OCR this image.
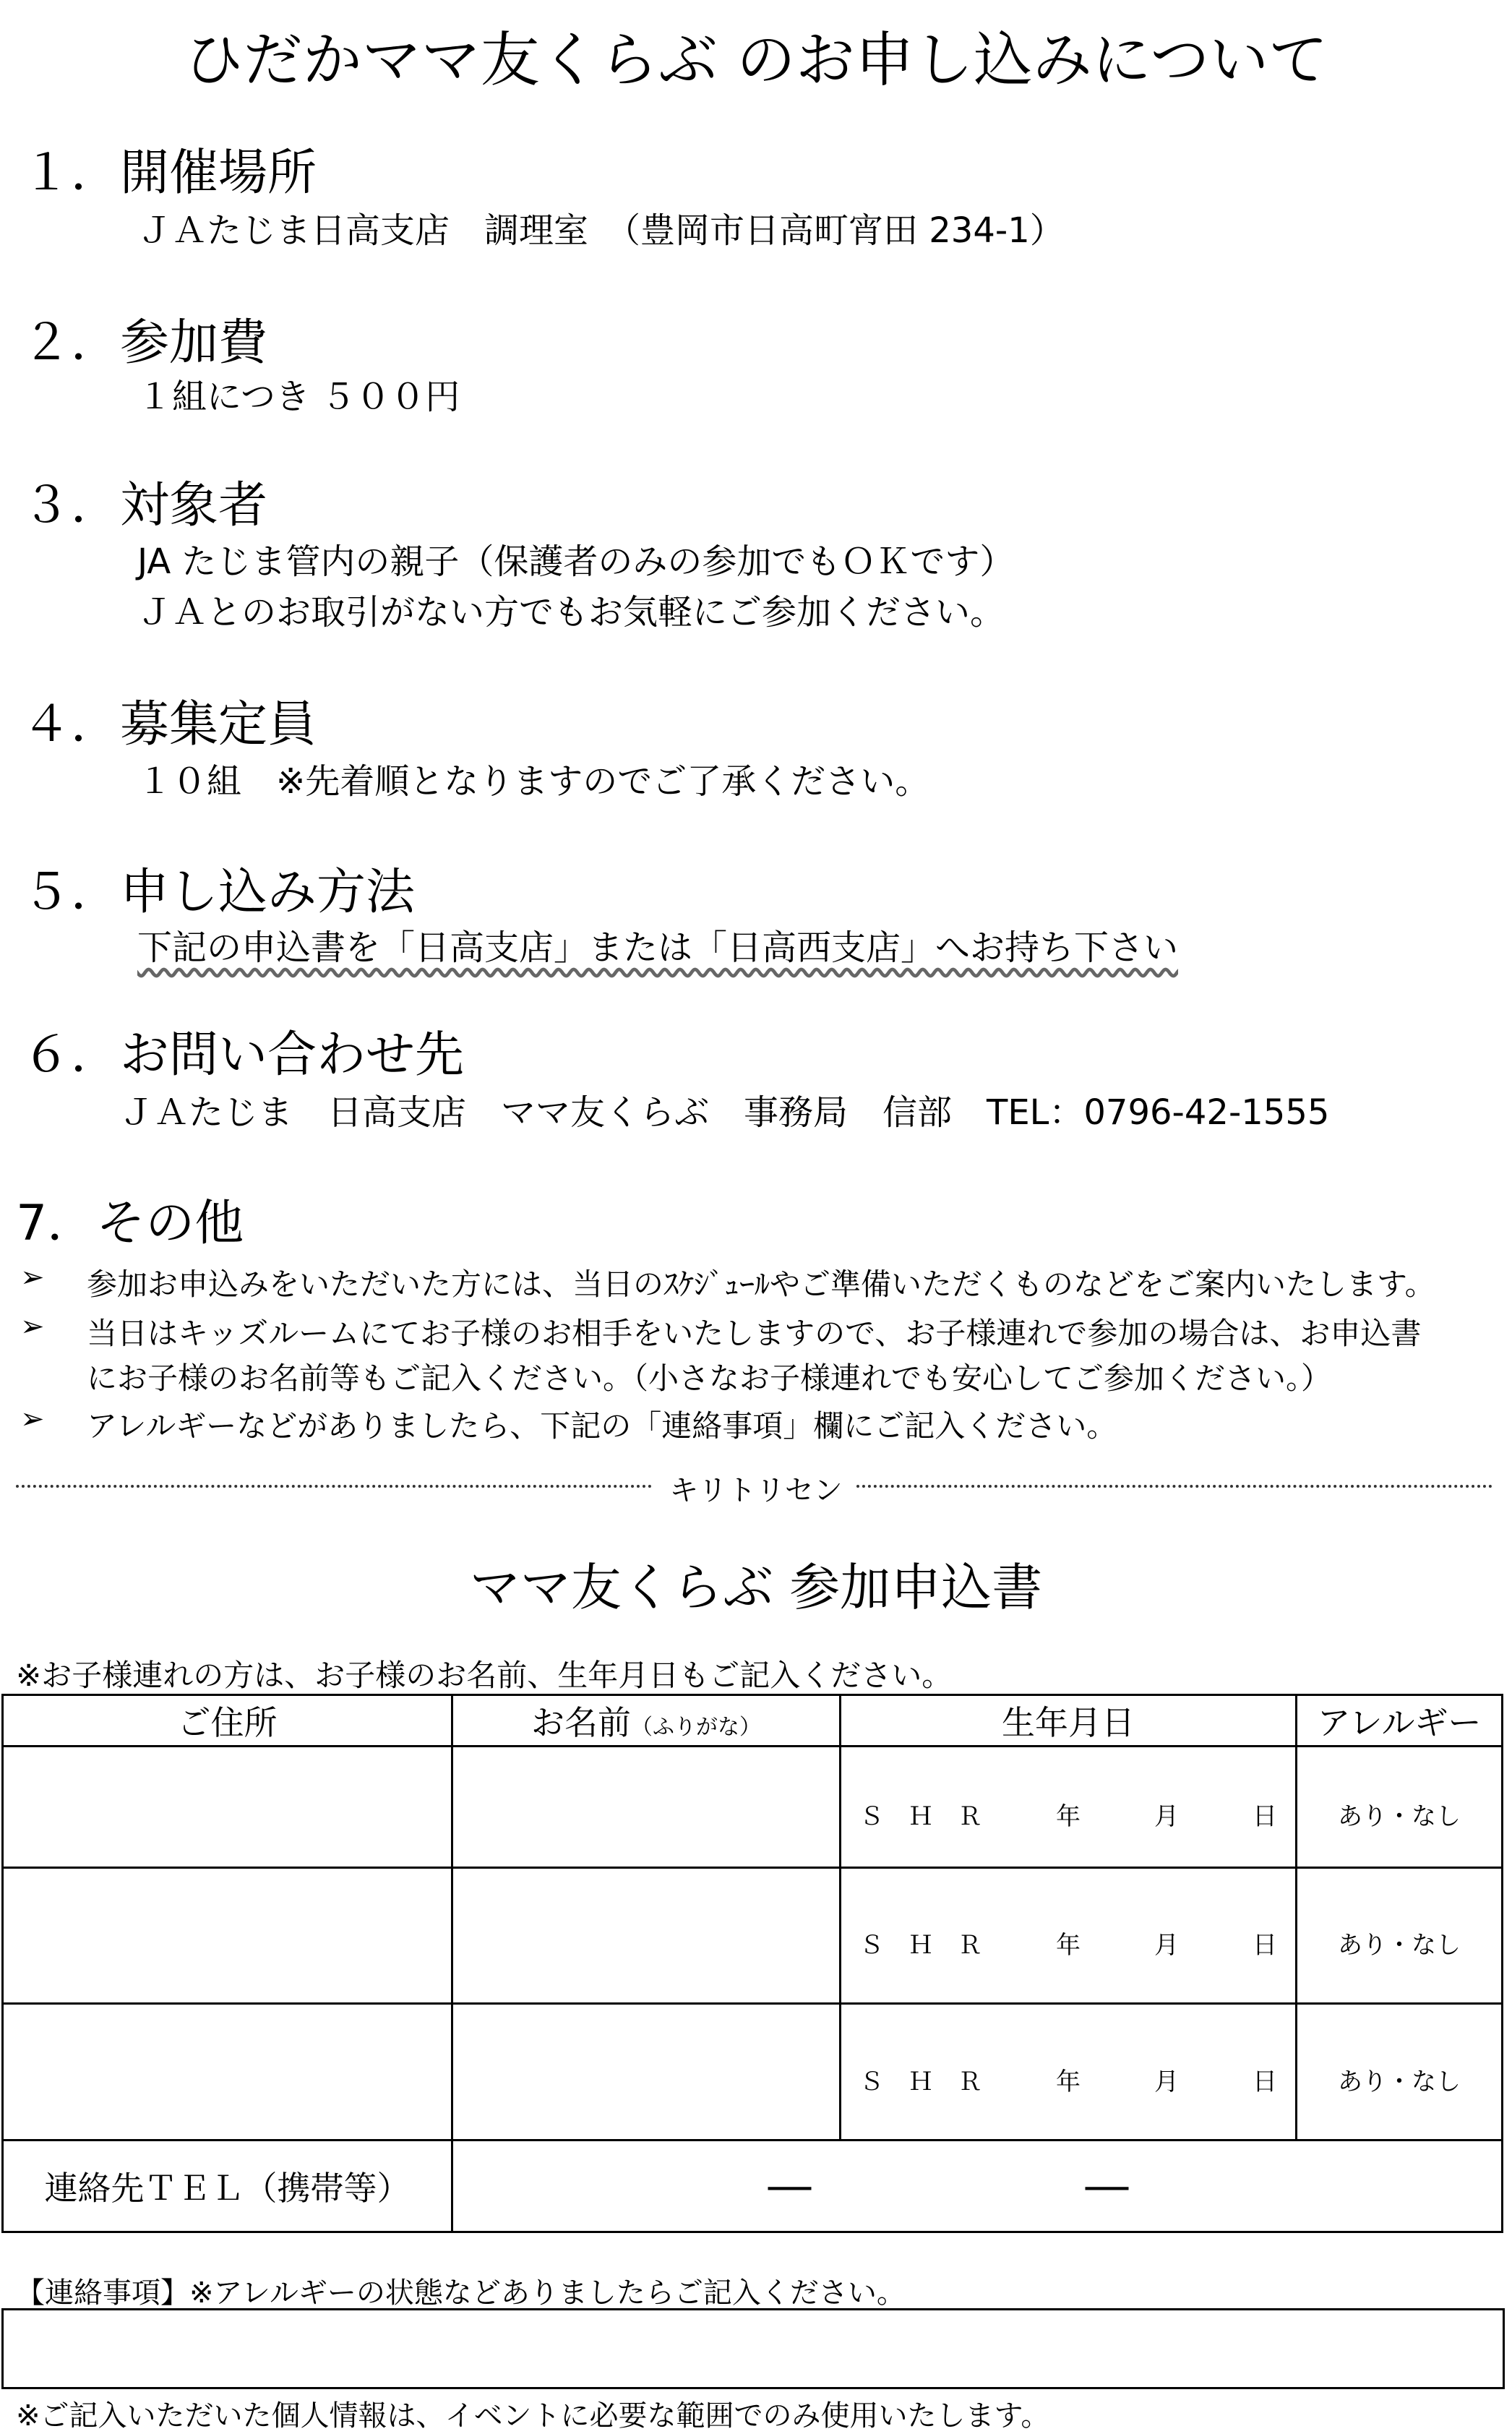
ひだかママ友くらぶ のお申し込みについて
１．開催場所
ＪＡたじま日高支店　調理室　（豊岡市日高町宵田 234-1）
２．参加費
１組につき ５００円
３．対象者
JA たじま管内の親子（保護者のみの参加でもＯＫです）
ＪＡとのお取引がない方でもお気軽にご参加ください。
４．募集定員
１０組　※先着順となりますのでご了承ください。
５．申し込み方法
下記の申込書を「日高支店」または「日高西支店」へお持ち下さい
６．お問い合わせ先
ＪＡたじま　日高支店　ママ友くらぶ　事務局　信部　TEL：0796-42-1555
7．その他
➢ 参加お申込みをいただいた方には、当日のｽｹｼﾞｭｰﾙやご準備いただくものなどをご案内いたします。
➢ 当日はキッズルームにてお子様のお相手をいたしますので、お子様連れで参加の場合は、お申込書
にお子様のお名前等もご記入ください。（小さなお子様連れでも安心してご参加ください。）
➢ アレルギーなどがありましたら、下記の「連絡事項」欄にご記入ください。
キリトリセン
ママ友くらぶ 参加申込書
※お子様連れの方は、お子様のお名前、生年月日もご記入ください。
ご住所	お名前（ふりがな）	生年月日	アレルギー
		Ｓ　Ｈ　Ｒ　　　年　　　月　　　日	あり・なし
		Ｓ　Ｈ　Ｒ　　　年　　　月　　　日	あり・なし
		Ｓ　Ｈ　Ｒ　　　年　　　月　　　日	あり・なし
連絡先ＴＥＬ（携帯等）	― ―		
【連絡事項】※アレルギーの状態などありましたらご記入ください。
※ご記入いただいた個人情報は、イベントに必要な範囲でのみ使用いたします。
